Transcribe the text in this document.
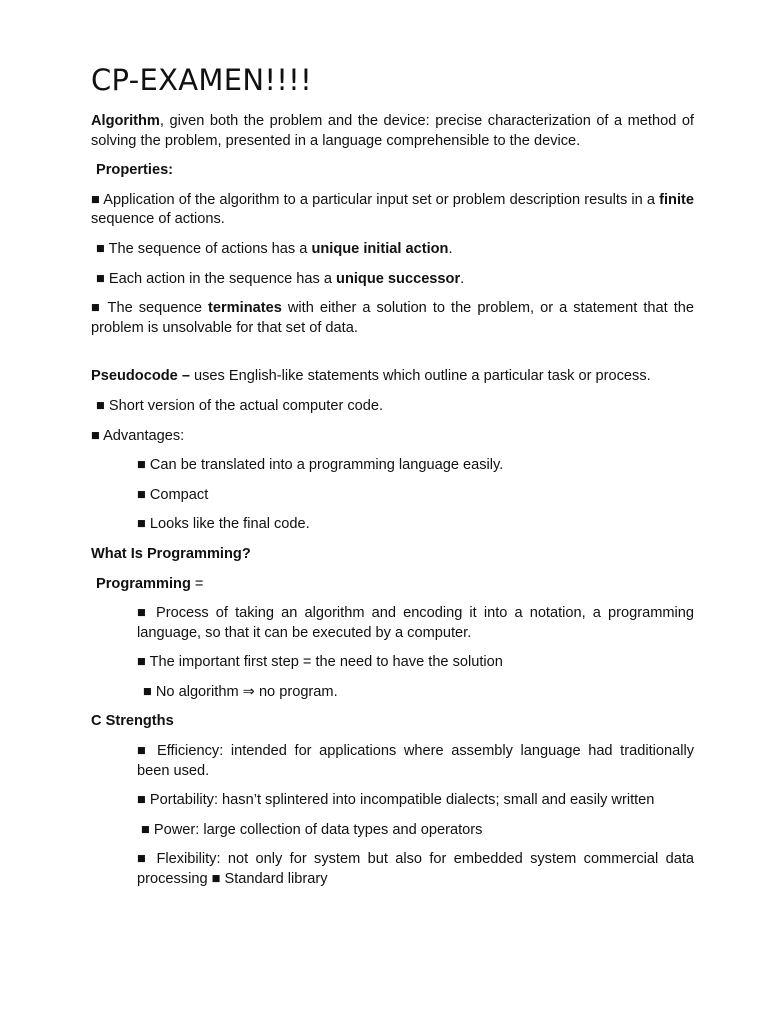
CP-EXAMEN!!!!

Algorithm, given both the problem and the device: precise characterization of a method of solving the problem, presented in a language comprehensible to the device.

Properties:

■ Application of the algorithm to a particular input set or problem description results in a finite sequence of actions.

■ The sequence of actions has a unique initial action.

■ Each action in the sequence has a unique successor.

■ The sequence terminates with either a solution to the problem, or a statement that the problem is unsolvable for that set of data.

Pseudocode – uses English-like statements which outline a particular task or process.

■ Short version of the actual computer code.

■ Advantages:

■ Can be translated into a programming language easily.

■ Compact

■ Looks like the final code.

What Is Programming?

Programming =

■ Process of taking an algorithm and encoding it into a notation, a programming language, so that it can be executed by a computer.

■ The important first step = the need to have the solution

■ No algorithm ⇒ no program.

C Strengths

■ Efficiency: intended for applications where assembly language had traditionally been used.

■ Portability: hasn’t splintered into incompatible dialects; small and easily written

■ Power: large collection of data types and operators

■ Flexibility: not only for system but also for embedded system commercial data processing ■ Standard library
